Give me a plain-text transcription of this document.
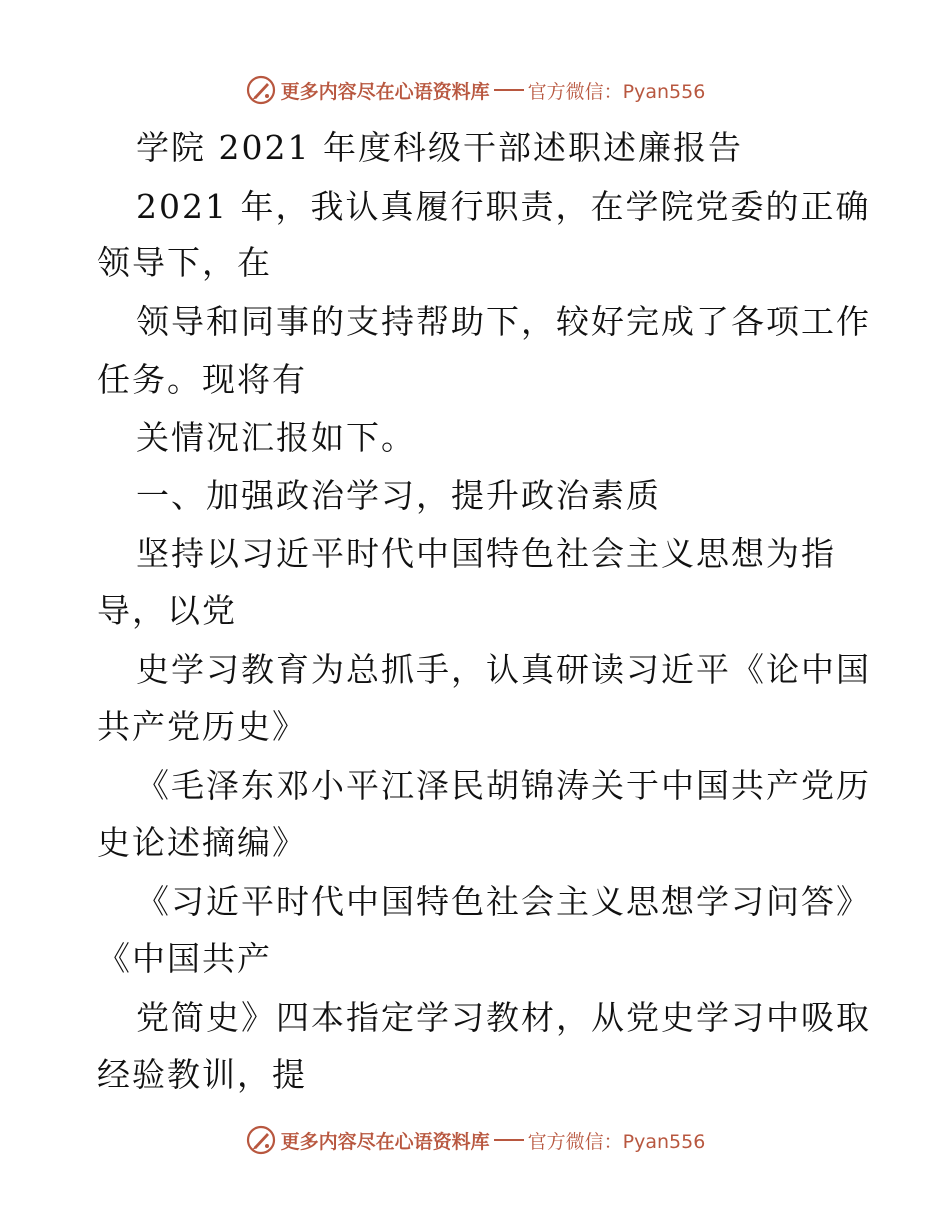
更多内容尽在心语资料库 官方微信：Pyan556
学院 2021 年度科级干部述职述廉报告
2021 年，我认真履行职责，在学院党委的正确
领导下，在
领导和同事的支持帮助下，较好完成了各项工作
任务。现将有
关情况汇报如下。
一、加强政治学习，提升政治素质
坚持以习近平时代中国特色社会主义思想为指
导，以党
史学习教育为总抓手，认真研读习近平《论中国
共产党历史》
《毛泽东邓小平江泽民胡锦涛关于中国共产党历
史论述摘编》
《习近平时代中国特色社会主义思想学习问答》
《中国共产
党简史》四本指定学习教材，从党史学习中吸取
经验教训，提
更多内容尽在心语资料库 官方微信：Pyan556
